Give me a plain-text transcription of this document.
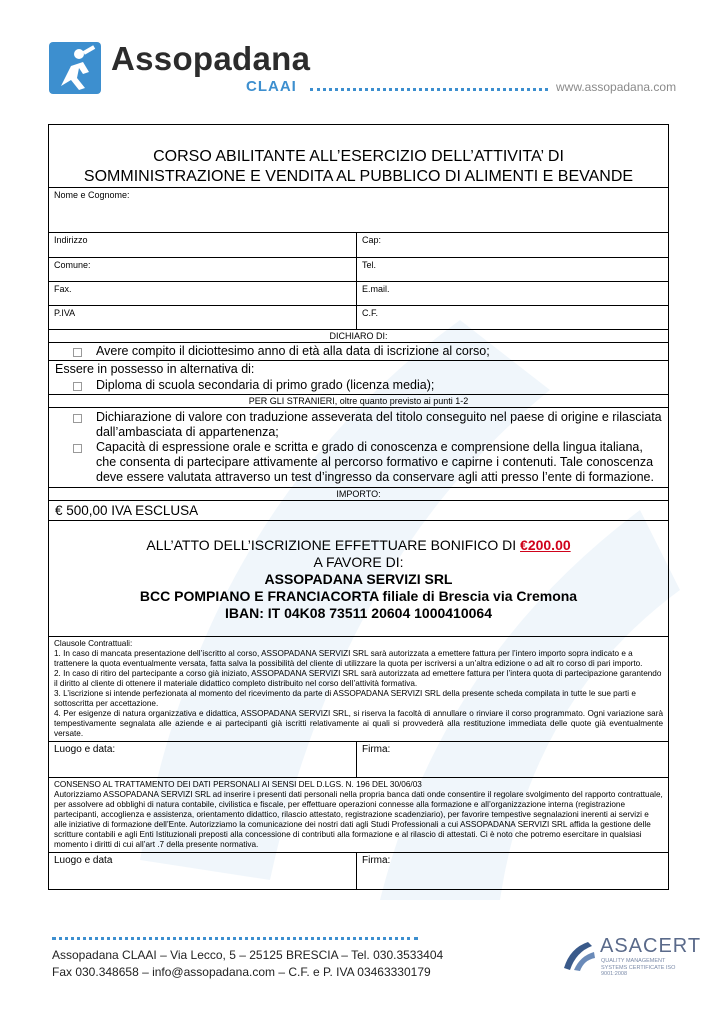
Assopadana
CLAAI	www.assopadana.com
CORSO ABILITANTE ALL’ESERCIZIO DELL’ATTIVITA’ DI
SOMMINISTRAZIONE E VENDITA AL PUBBLICO DI ALIMENTI E BEVANDE
Nome e Cognome:
Indirizzo	Cap:
Comune:	Tel.
Fax.	E.mail.
P.IVA	C.F.
DICHIARO DI:
Avere compito il diciottesimo anno di età alla data di iscrizione al corso;
Essere in possesso in alternativa di:
Diploma di scuola secondaria di primo grado (licenza media);
PER GLI STRANIERI, oltre quanto previsto ai punti 1-2
Dichiarazione di valore con traduzione asseverata del titolo conseguito nel paese di origine e rilasciata dall’ambasciata di appartenenza;
Capacità di espressione orale e scritta e grado di conoscenza e comprensione della lingua italiana, che consenta di partecipare attivamente al percorso formativo e capirne i contenuti. Tale conoscenza deve essere valutata attraverso un test d’ingresso da conservare agli atti presso l’ente di formazione.
IMPORTO:
€ 500,00 IVA ESCLUSA
ALL’ATTO DELL’ISCRIZIONE EFFETTUARE BONIFICO DI €200.00
A FAVORE DI:
ASSOPADANA SERVIZI SRL
BCC POMPIANO E FRANCIACORTA filiale di Brescia via Cremona
IBAN: IT 04K08 73511 20604 1000410064
Clausole Contrattuali:
1. In caso di mancata presentazione dell’iscritto al corso, ASSOPADANA SERVIZI SRL sarà autorizzata a emettere fattura per l’intero importo sopra indicato e a trattenere la quota eventualmente versata, fatta salva la possibilità del cliente di utilizzare la quota per iscriversi a un’altra edizione o ad alt ro corso di pari importo.
2. In caso di ritiro del partecipante a corso già iniziato, ASSOPADANA SERVIZI SRL sarà autorizzata ad emettere fattura per l’intera quota di partecipazione garantendo il diritto al cliente di ottenere il materiale didattico completo distribuito nel corso dell’attività formativa.
3. L’iscrizione si intende perfezionata al momento del ricevimento da parte di ASSOPADANA SERVIZI SRL della presente scheda compilata in tutte le sue parti e sottoscritta per accettazione.
4. Per esigenze di natura organizzativa e didattica, ASSOPADANA SERVIZI SRL, si riserva la facoltà di annullare o rinviare il corso programmato. Ogni variazione sarà tempestivamente segnalata alle aziende e ai partecipanti già iscritti relativamente ai quali si provvederà alla restituzione immediata delle quote già eventualmente versate.
Luogo e data:	Firma:
CONSENSO AL TRATTAMENTO DEI DATI PERSONALI AI SENSI DEL D.LGS. N. 196 DEL 30/06/03
Autorizziamo ASSOPADANA SERVIZI SRL ad inserire i presenti dati personali nella propria banca dati onde consentire il regolare svolgimento del rapporto contrattuale, per assolvere ad obblighi di natura contabile, civilistica e fiscale, per effettuare operazioni connesse alla formazione e all’organizzazione interna (registrazione partecipanti, accoglienza e assistenza, orientamento didattico, rilascio attestato, registrazione scadenziario), per favorire tempestive segnalazioni inerenti ai servizi e alle iniziative di formazione dell’Ente. Autorizziamo la comunicazione dei nostri dati agli Studi Professionali a cui ASSOPADANA SERVIZI SRL affida la gestione delle scritture contabili e agli Enti Istituzionali preposti alla concessione di contributi alla formazione e al rilascio di attestati. Ci è noto che potremo esercitare in qualsiasi momento i diritti di cui all’art .7 della presente normativa.
Luogo e data	Firma:
Assopadana CLAAI – Via Lecco, 5 – 25125 BRESCIA – Tel. 030.3533404
Fax 030.348658 – info@assopadana.com – C.F. e P. IVA 03463330179
ASACERT
QUALITY MANAGEMENT SYSTEMS CERTIFICATE ISO 9001:2008
